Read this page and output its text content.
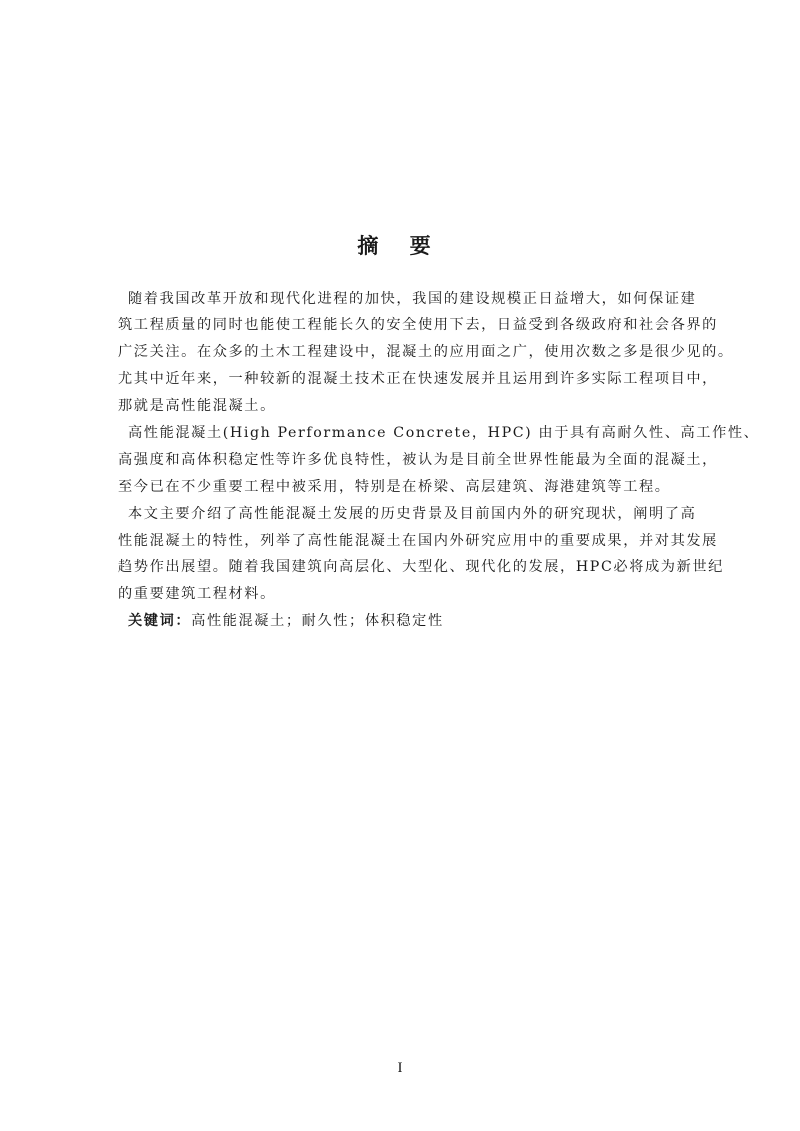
摘 要
随着我国改革开放和现代化进程的加快，我国的建设规模正日益增大，如何保证建
筑工程质量的同时也能使工程能长久的安全使用下去，日益受到各级政府和社会各界的
广泛关注。在众多的土木工程建设中，混凝土的应用面之广，使用次数之多是很少见的。
尤其中近年来，一种较新的混凝土技术正在快速发展并且运用到许多实际工程项目中，
那就是高性能混凝土。
高性能混凝土(High Performance Concrete，HPC) 由于具有高耐久性、高工作性、
高强度和高体积稳定性等许多优良特性，被认为是目前全世界性能最为全面的混凝土，
至今已在不少重要工程中被采用，特别是在桥梁、高层建筑、海港建筑等工程。
本文主要介绍了高性能混凝土发展的历史背景及目前国内外的研究现状，阐明了高
性能混凝土的特性，列举了高性能混凝土在国内外研究应用中的重要成果，并对其发展
趋势作出展望。随着我国建筑向高层化、大型化、现代化的发展，HPC必将成为新世纪
的重要建筑工程材料。
关键词：高性能混凝土；耐久性；体积稳定性
I
